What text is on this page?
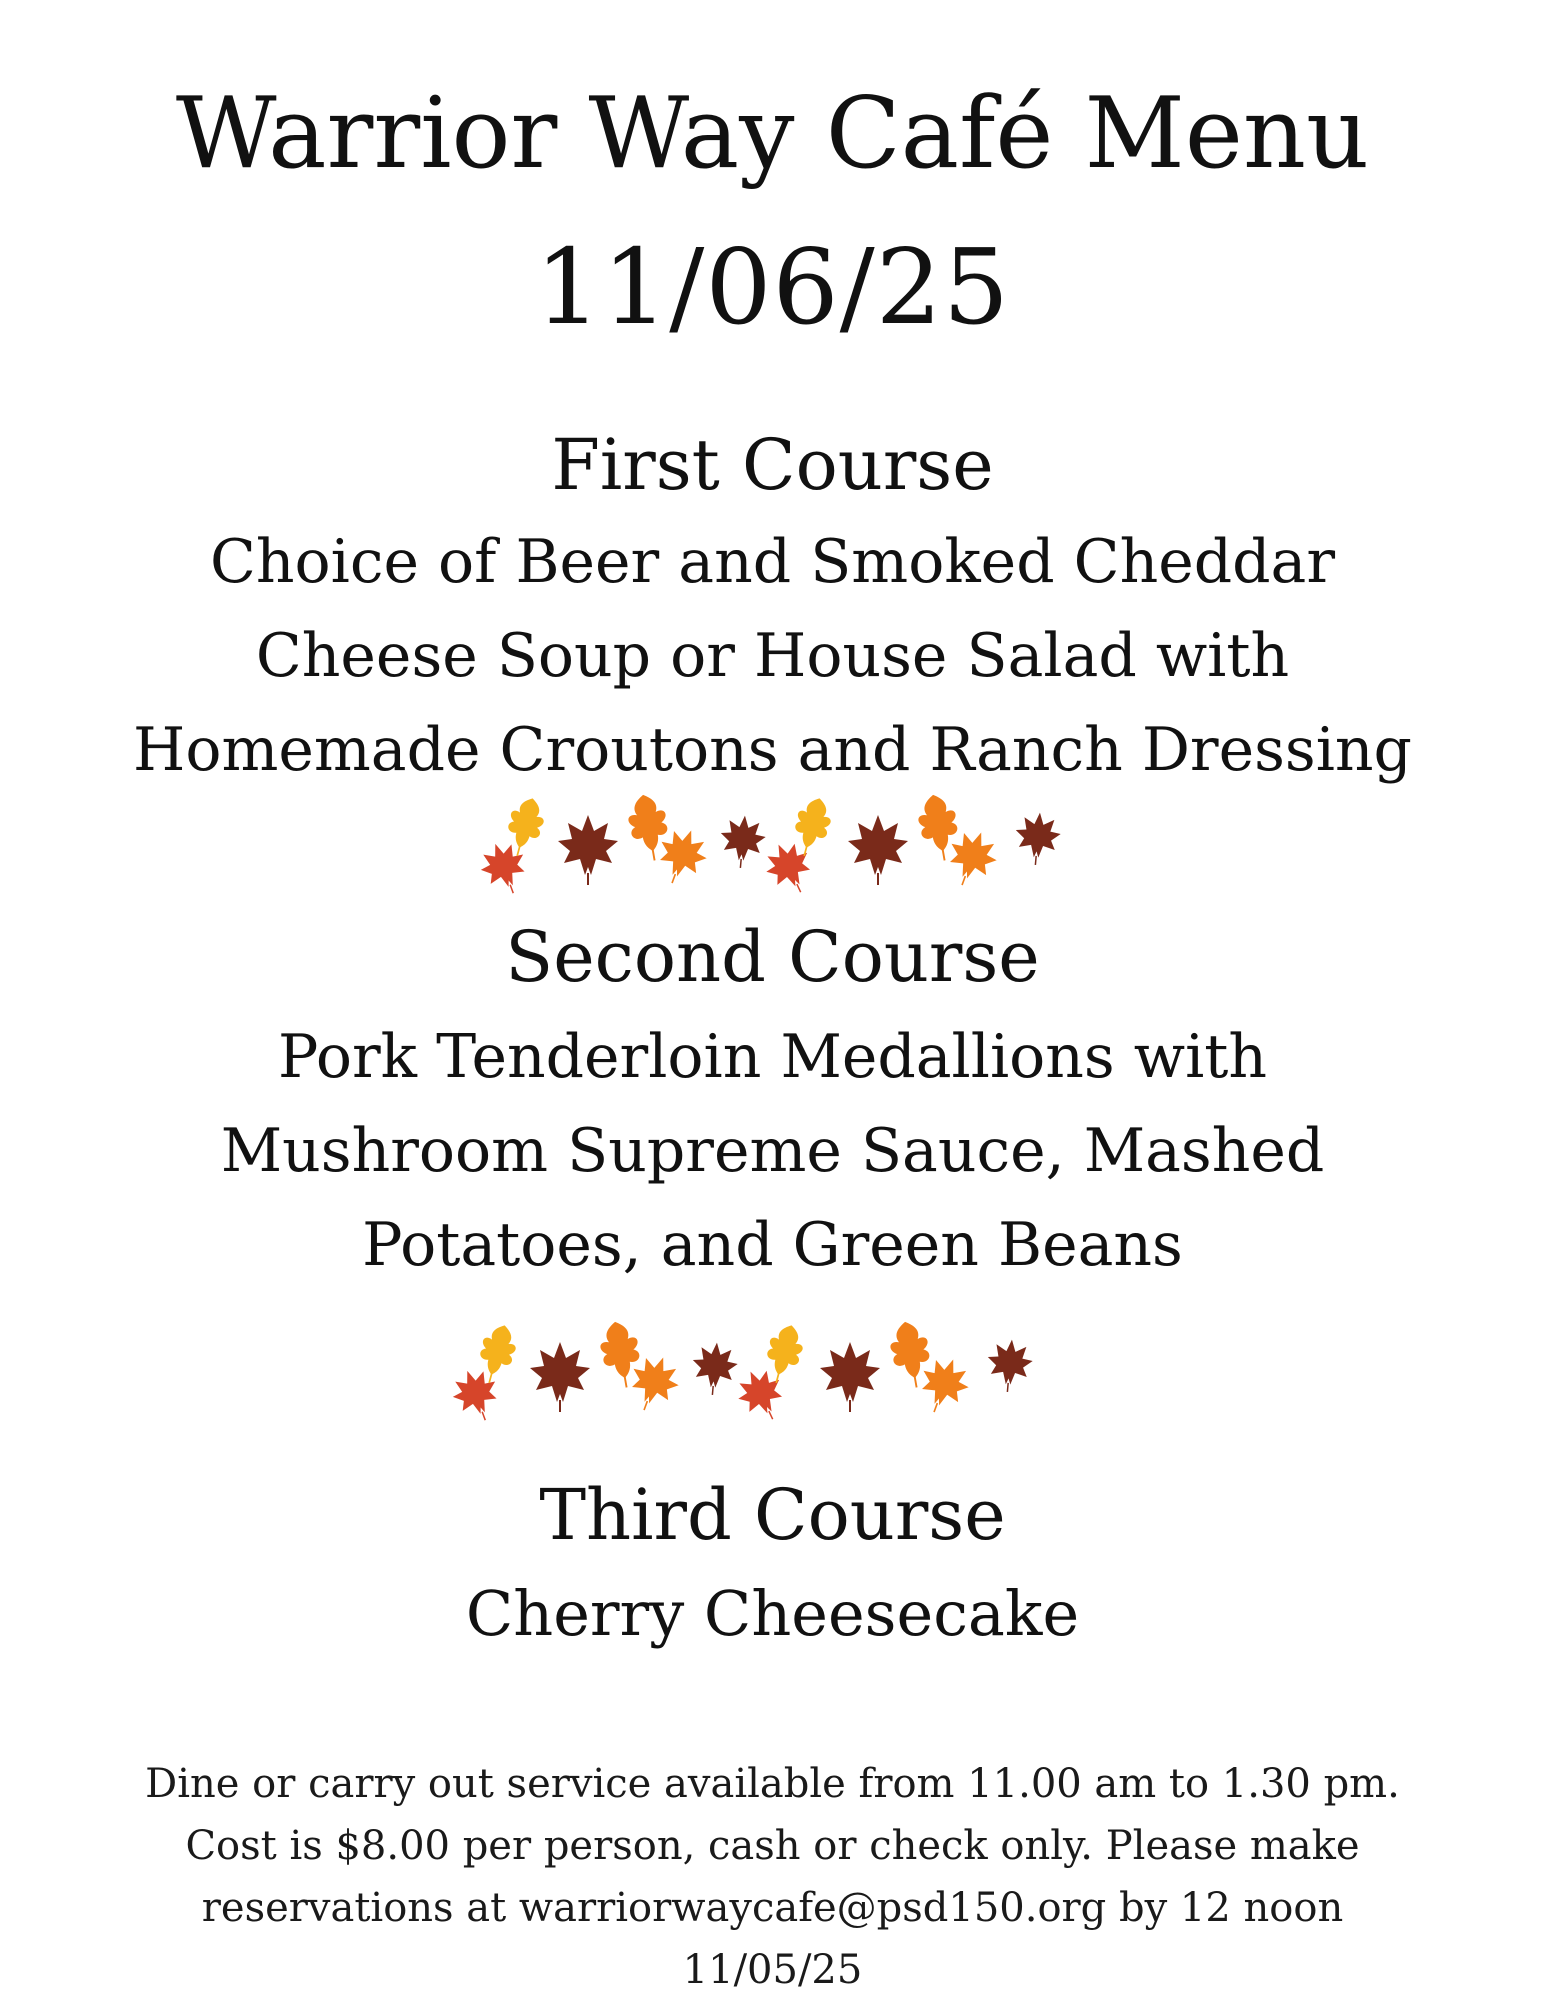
Warrior Way Café Menu
11/06/25
First Course
Choice of Beer and Smoked Cheddar
Cheese Soup or House Salad with
Homemade Croutons and Ranch Dressing
Second Course
Pork Tenderloin Medallions with
Mushroom Supreme Sauce, Mashed
Potatoes, and Green Beans
Third Course
Cherry Cheesecake
Dine or carry out service available from 11.00 am to 1.30 pm.
Cost is $8.00 per person, cash or check only. Please make
reservations at warriorwaycafe@psd150.org by 12 noon
11/05/25
